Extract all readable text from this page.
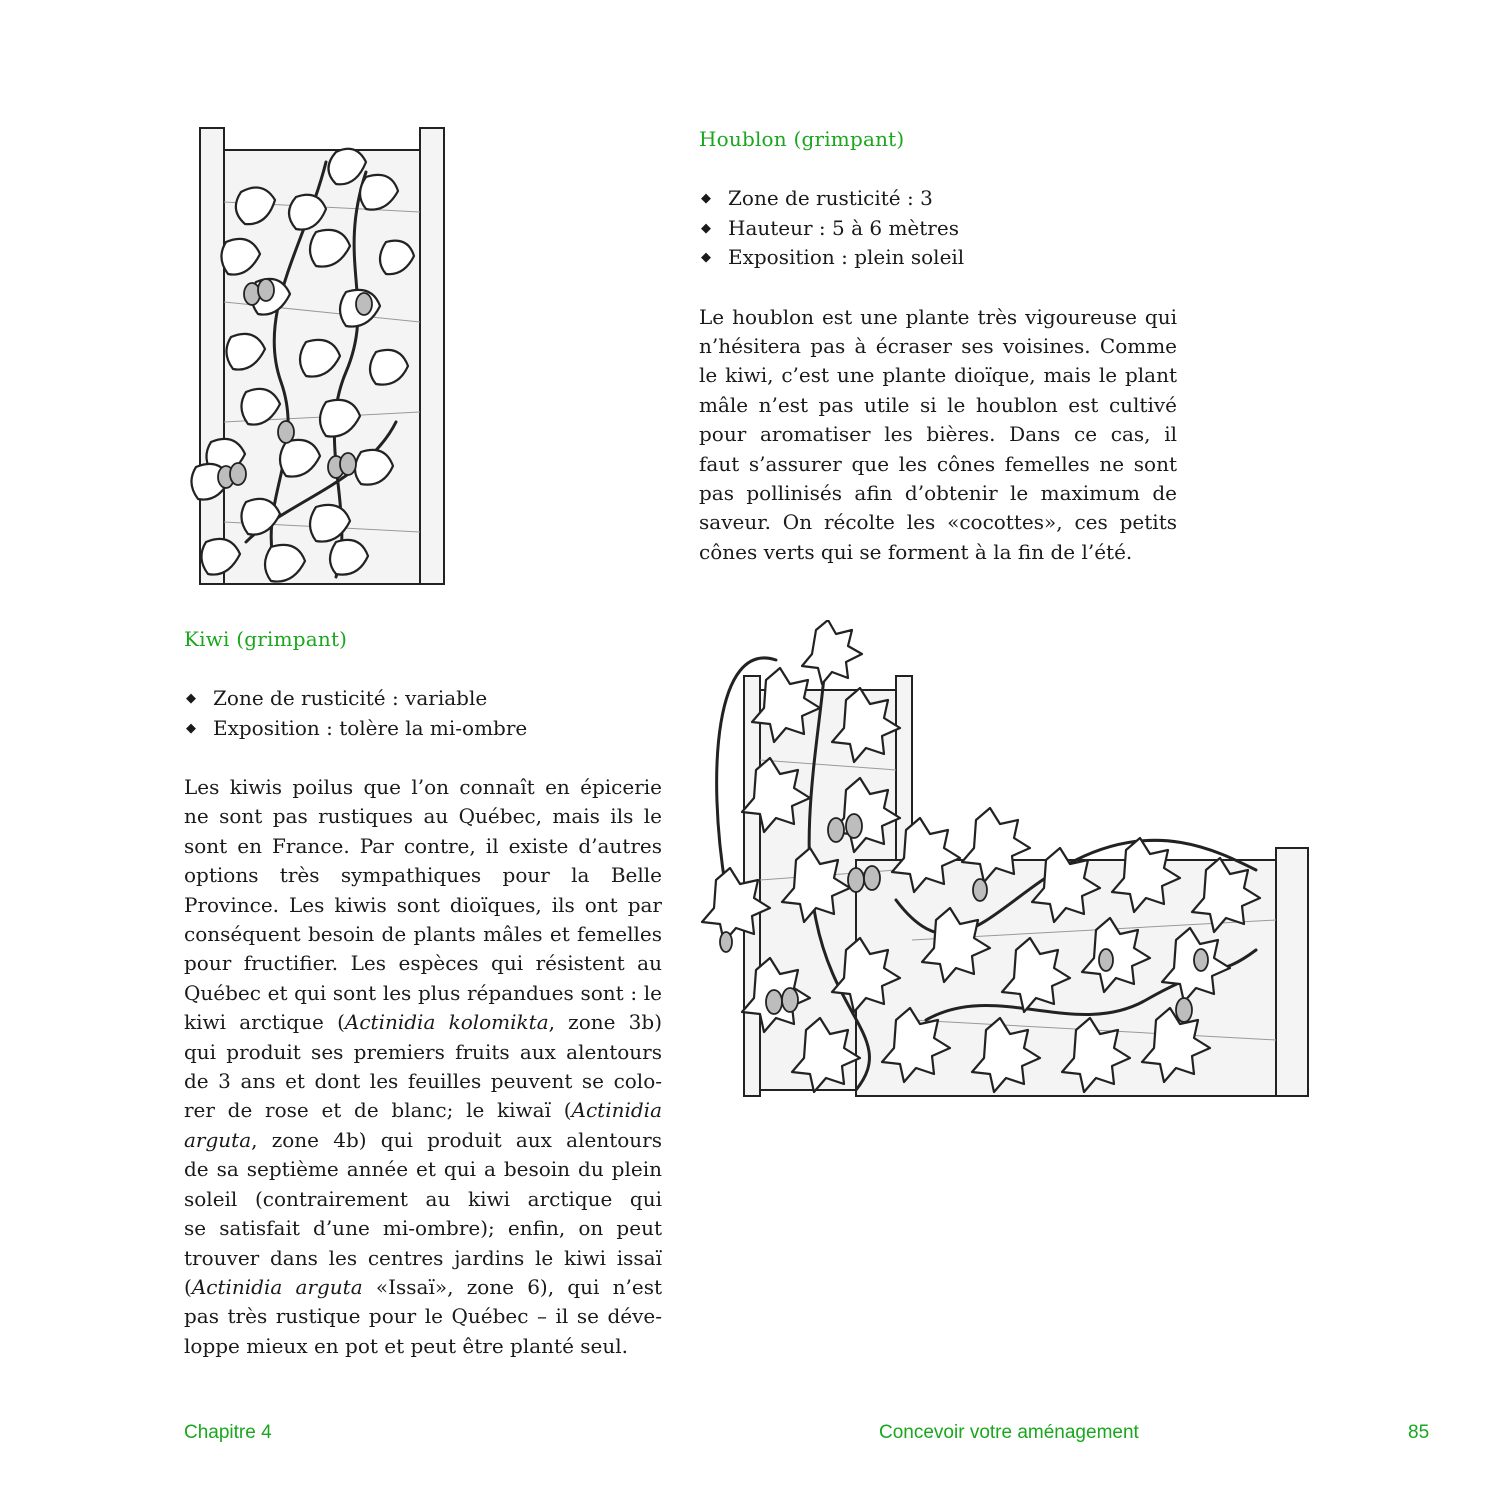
Houblon (grimpant)
◆ Zone de rusticité : 3
◆ Hauteur : 5 à 6 mètres
◆ Exposition : plein soleil

Le houblon est une plante très vigoureuse qui
n’hésitera pas à écraser ses voisines. Comme
le kiwi, c’est une plante dioïque, mais le plant
mâle n’est pas utile si le houblon est cultivé
pour aromatiser les bières. Dans ce cas, il
faut s’assurer que les cônes femelles ne sont
pas pollinisés afin d’obtenir le maximum de
saveur. On récolte les «cocottes», ces petits
cônes verts qui se forment à la fin de l’été.

Kiwi (grimpant)
◆ Zone de rusticité : variable
◆ Exposition : tolère la mi-ombre

Les kiwis poilus que l’on connaît en épicerie
ne sont pas rustiques au Québec, mais ils le
sont en France. Par contre, il existe d’autres
options très sympathiques pour la Belle
Province. Les kiwis sont dioïques, ils ont par
conséquent besoin de plants mâles et femelles
pour fructifier. Les espèces qui résistent au
Québec et qui sont les plus répandues sont : le
kiwi arctique (Actinidia kolomikta, zone 3b)
qui produit ses premiers fruits aux alentours
de 3 ans et dont les feuilles peuvent se colo-
rer de rose et de blanc; le kiwaï (Actinidia
arguta, zone 4b) qui produit aux alentours
de sa septième année et qui a besoin du plein
soleil (contrairement au kiwi arctique qui
se satisfait d’une mi-ombre); enfin, on peut
trouver dans les centres jardins le kiwi issaï
(Actinidia arguta «Issaï», zone 6), qui n’est
pas très rustique pour le Québec – il se déve-
loppe mieux en pot et peut être planté seul.

Chapitre 4	Concevoir votre aménagement	85
